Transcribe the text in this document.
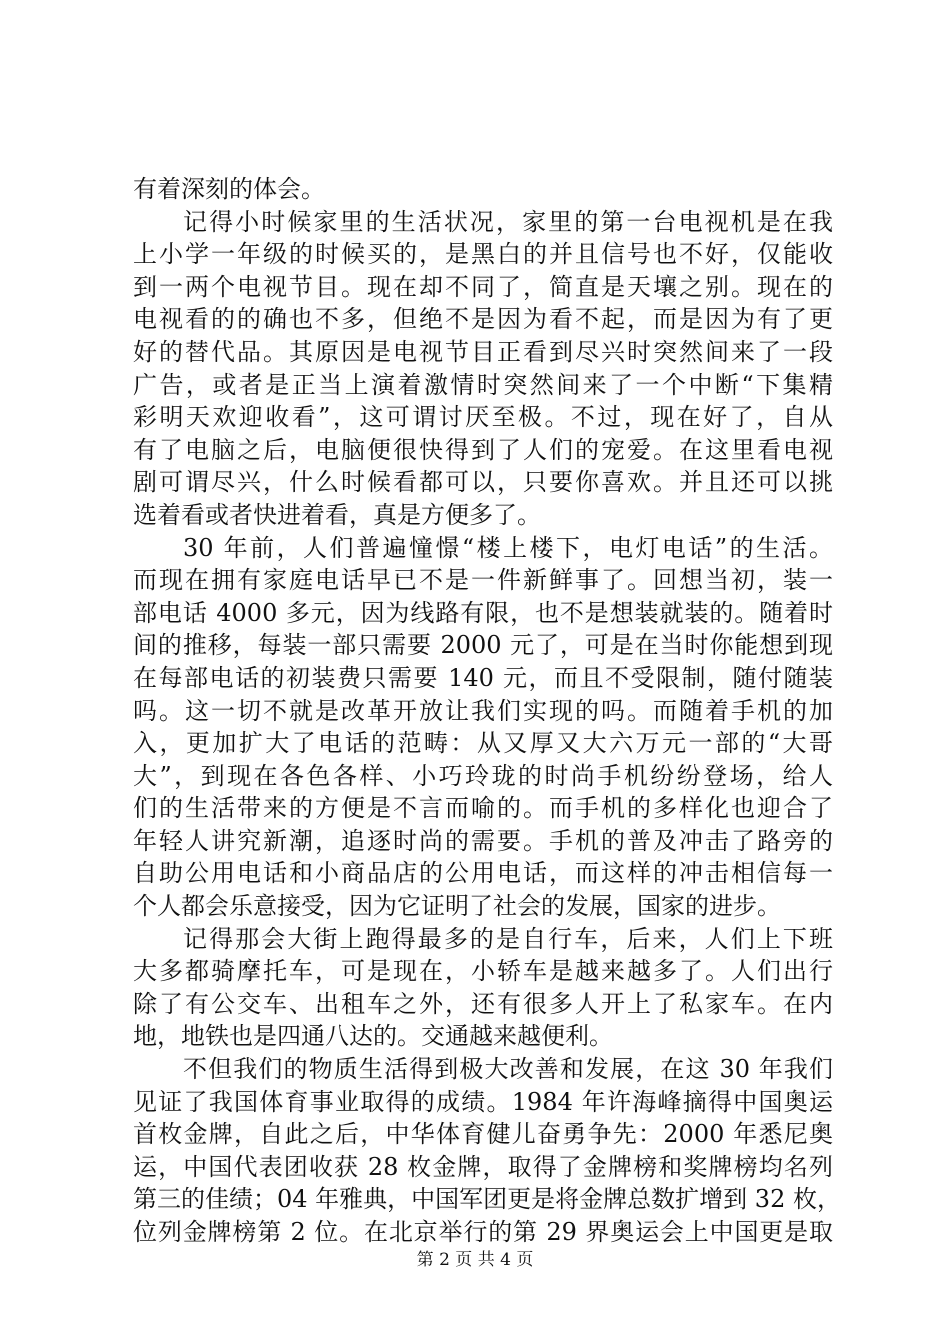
有着深刻的体会。
记得小时候家里的生活状况，家里的第一台电视机是在我
上小学一年级的时候买的，是黑白的并且信号也不好，仅能收
到一两个电视节目。现在却不同了，简直是天壤之别。现在的
电视看的的确也不多，但绝不是因为看不起，而是因为有了更
好的替代品。其原因是电视节目正看到尽兴时突然间来了一段
广告，或者是正当上演着激情时突然间来了一个中断“下集精
彩明天欢迎收看”，这可谓讨厌至极。不过，现在好了，自从
有了电脑之后，电脑便很快得到了人们的宠爱。在这里看电视
剧可谓尽兴，什么时候看都可以，只要你喜欢。并且还可以挑
选着看或者快进着看，真是方便多了。
30 年前，人们普遍憧憬“楼上楼下，电灯电话”的生活。
而现在拥有家庭电话早已不是一件新鲜事了。回想当初，装一
部电话 4000 多元，因为线路有限，也不是想装就装的。随着时
间的推移，每装一部只需要 2000 元了，可是在当时你能想到现
在每部电话的初装费只需要 140 元，而且不受限制，随付随装
吗。这一切不就是改革开放让我们实现的吗。而随着手机的加
入，更加扩大了电话的范畴：从又厚又大六万元一部的“大哥
大”，到现在各色各样、小巧玲珑的时尚手机纷纷登场，给人
们的生活带来的方便是不言而喻的。而手机的多样化也迎合了
年轻人讲究新潮，追逐时尚的需要。手机的普及冲击了路旁的
自助公用电话和小商品店的公用电话，而这样的冲击相信每一
个人都会乐意接受，因为它证明了社会的发展，国家的进步。
记得那会大街上跑得最多的是自行车，后来，人们上下班
大多都骑摩托车，可是现在，小轿车是越来越多了。人们出行
除了有公交车、出租车之外，还有很多人开上了私家车。在内
地，地铁也是四通八达的。交通越来越便利。
不但我们的物质生活得到极大改善和发展，在这 30 年我们
见证了我国体育事业取得的成绩。1984 年许海峰摘得中国奥运
首枚金牌，自此之后，中华体育健儿奋勇争先：2000 年悉尼奥
运，中国代表团收获 28 枚金牌，取得了金牌榜和奖牌榜均名列
第三的佳绩；04 年雅典，中国军团更是将金牌总数扩增到 32 枚，
位列金牌榜第 2 位。在北京举行的第 29 界奥运会上中国更是取
第 2 页 共 4 页
